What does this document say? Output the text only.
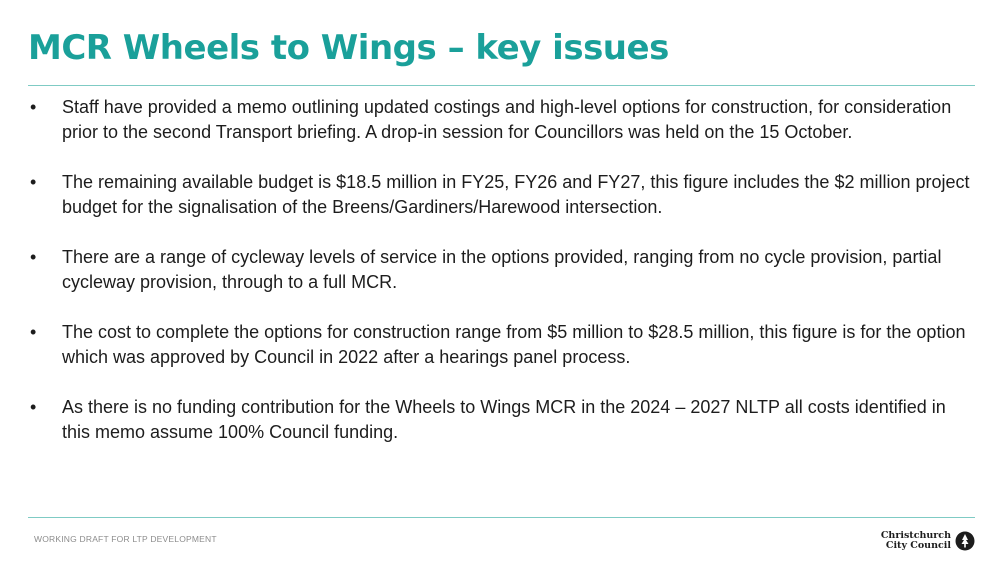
MCR Wheels to Wings – key issues
• Staff have provided a memo outlining updated costings and high-level options for construction, for consideration prior to the second Transport briefing. A drop-in session for Councillors was held on the 15 October.
• The remaining available budget is $18.5 million in FY25, FY26 and FY27, this figure includes the $2 million project budget for the signalisation of the Breens/Gardiners/Harewood intersection.
• There are a range of cycleway levels of service in the options provided, ranging from no cycle provision, partial cycleway provision, through to a full MCR.
• The cost to complete the options for construction range from $5 million to $28.5 million, this figure is for the option which was approved by Council in 2022 after a hearings panel process.
• As there is no funding contribution for the Wheels to Wings MCR in the 2024 – 2027 NLTP all costs identified in this memo assume 100% Council funding.
WORKING DRAFT FOR LTP DEVELOPMENT	Christchurch
City Council
